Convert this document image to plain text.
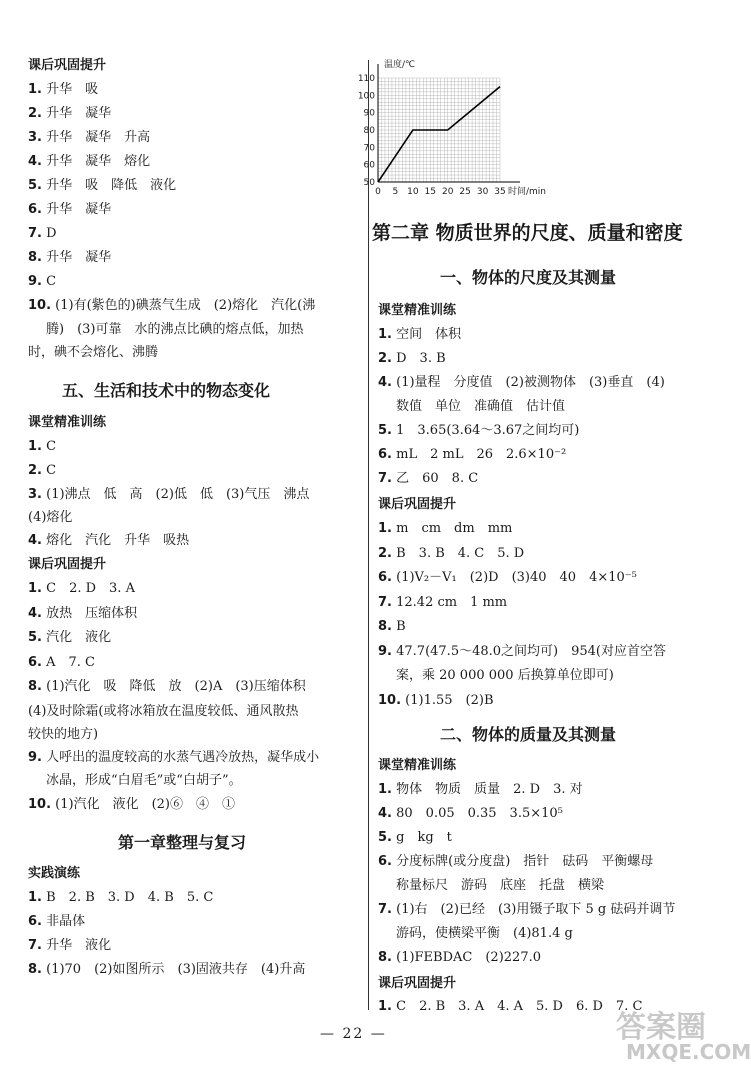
课后巩固提升
1. 升华　吸
2. 升华　凝华
3. 升华　凝华　升高
4. 升华　凝华　熔化
5. 升华　吸　降低　液化
6. 升华　凝华
7. D
8. 升华　凝华
9. C
10. (1)有(紫色的)碘蒸气生成　(2)熔化　汽化(沸
腾)　(3)可靠　水的沸点比碘的熔点低，加热
时，碘不会熔化、沸腾
五、生活和技术中的物态变化
课堂精准训练
1. C
2. C
3. (1)沸点　低　高　(2)低　低　(3)气压　沸点
(4)熔化
4. 熔化　汽化　升华　吸热
课后巩固提升
1. C　2. D　3. A
4. 放热　压缩体积
5. 汽化　液化
6. A　7. C
8. (1)汽化　吸　降低　放　(2)A　(3)压缩体积
(4)及时除霜(或将冰箱放在温度较低、通风散热
较快的地方)
9. 人呼出的温度较高的水蒸气遇冷放热，凝华成小
冰晶，形成“白眉毛”或“白胡子”。
10. (1)汽化　液化　(2)⑥　④　①
第一章整理与复习
实践演练
1. B　2. B　3. D　4. B　5. C
6. 非晶体
7. 升华　液化
8. (1)70　(2)如图所示　(3)固液共存　(4)升高
50
60
70
80
90
100
110
0 5 10 15 20 25 30 35
温度/℃
时间/min
第二章 物质世界的尺度、质量和密度
一、物体的尺度及其测量
课堂精准训练
1. 空间　体积
2. D　3. B
4. (1)量程　分度值　(2)被测物体　(3)垂直　(4)
数值　单位　准确值　估计值
5. 1　3.65(3.64～3.67之间均可)
6. mL　2 mL　26　2.6×10⁻²
7. 乙　60　8. C
课后巩固提升
1. m　cm　dm　mm
2. B　3. B　4. C　5. D
6. (1)V₂－V₁　(2)D　(3)40　40　4×10⁻⁵
7. 12.42 cm　1 mm
8. B
9. 47.7(47.5～48.0之间均可)　954(对应首空答
案，乘 20 000 000 后换算单位即可)
10. (1)1.55　(2)B
二、物体的质量及其测量
课堂精准训练
1. 物体　物质　质量　2. D　3. 对
4. 80　0.05　0.35　3.5×10⁵
5. g　kg　t
6. 分度标牌(或分度盘)　指针　砝码　平衡螺母
称量标尺　游码　底座　托盘　横梁
7. (1)右　(2)已经　(3)用镊子取下 5 g 砝码并调节
游码，使横梁平衡　(4)81.4 g
8. (1)FEBDAC　(2)227.0
课后巩固提升
1. C　2. B　3. A　4. A　5. D　6. D　7. C
— 22 —	答案圈
MXQE.COM
